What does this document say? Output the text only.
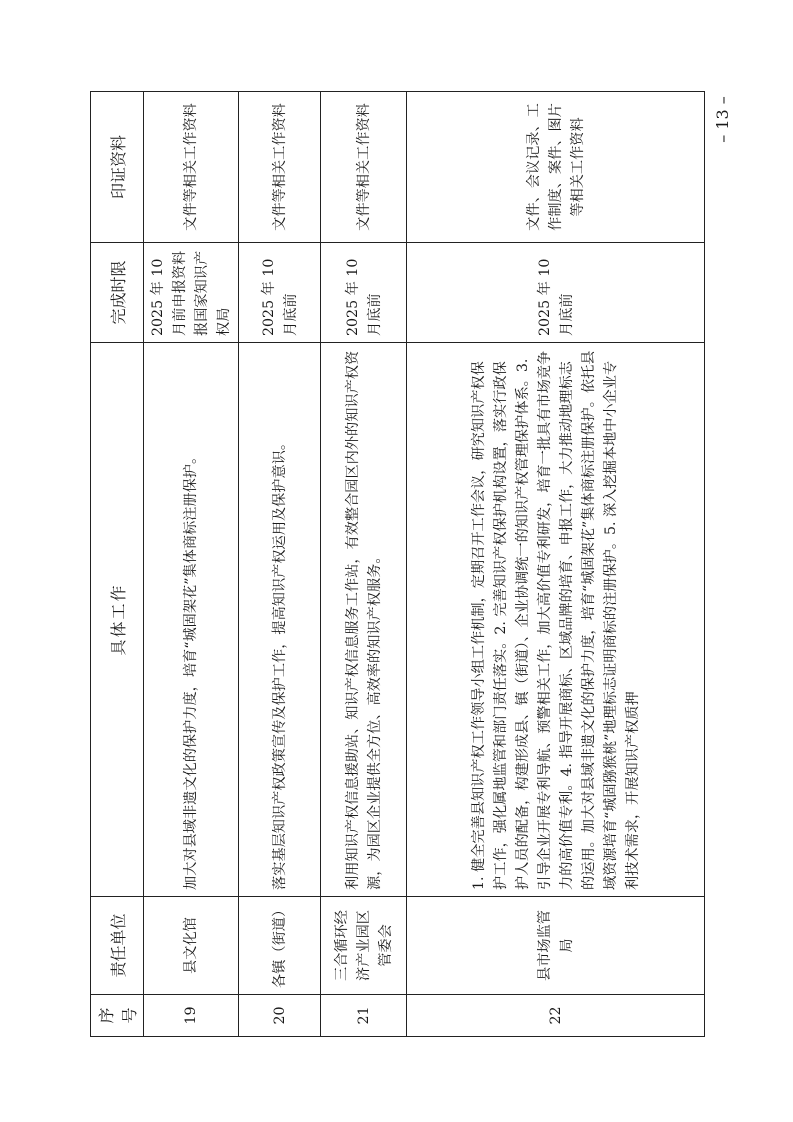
序号	责任单位	具体工作	完成时限	印证资料
19	县文化馆	加大对县域非遗文化的保护力度，培育“城固架花”集体商标注册保护。	2025 年 10 月前申报资料报国家知识产权局	文件等相关工作资料
20	各镇（街道）	落实基层知识产权政策宣传及保护工作，提高知识产权运用及保护意识。	2025 年 10 月底前	文件等相关工作资料
21	三合循环经济产业园区管委会	利用知识产权信息援助站、知识产权信息服务工作站，有效整合园区内外的知识产权资源，为园区企业提供全方位、高效率的知识产权服务。	2025 年 10 月底前	文件等相关工作资料
22	县市场监管局	1. 健全完善县知识产权工作领导小组工作机制，定期召开工作会议，研究知识产权保护工作，强化属地监管和部门责任落实。2. 完善知识产权保护机构设置，落实行政保护人员的配备，构建形成县、镇（街道）、企业协调统一的知识产权管理保护体系。3. 引导企业开展专利导航、预警相关工作，加大高价值专利研发，培育一批具有市场竞争力的高价值专利。4. 指导开展商标、区域品牌的培育、申报工作，大力推动地理标志的运用。加大对县域非遗文化的保护力度，培育“城固架花”集体商标注册保护。依托县域资源培育“城固猕猴桃”地理标志证明商标的注册保护。5. 深入挖掘本地中小企业专利技术需求，开展知识产权质押	2025 年 10 月底前	文件、会议记录、工作制度、案件、图片等相关工作资料	– 13 –
